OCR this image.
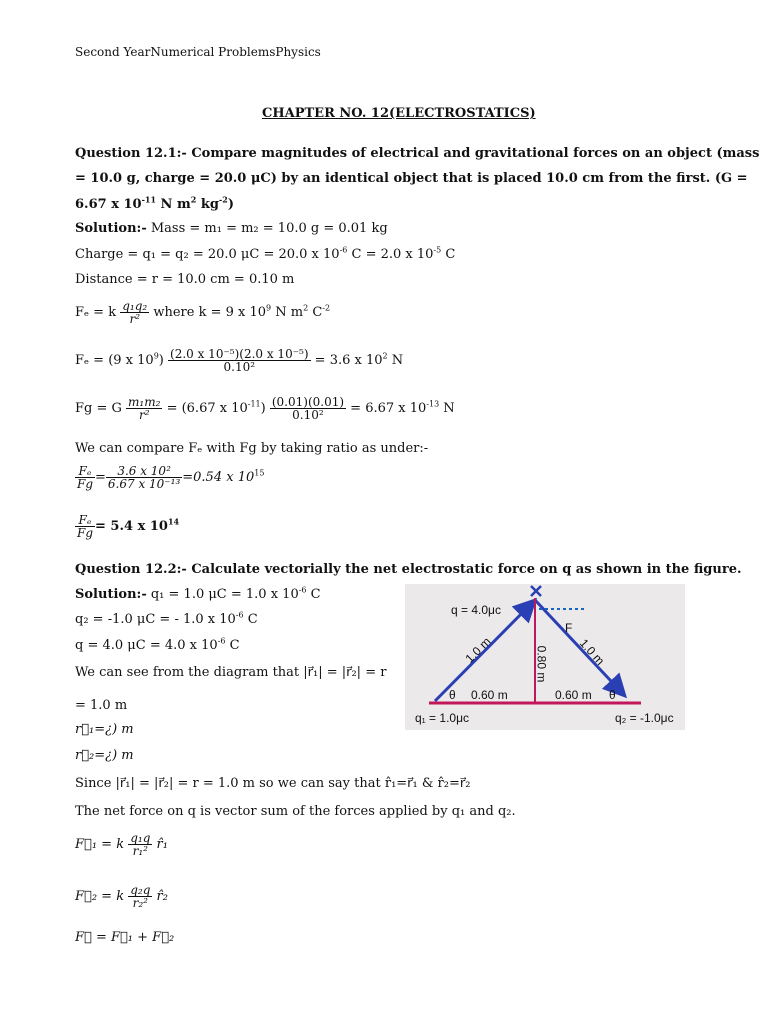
Second YearNumerical ProblemsPhysics
CHAPTER NO. 12(ELECTROSTATICS)
Question 12.1:- Compare magnitudes of electrical and gravitational forces on an object (mass
= 10.0 g, charge = 20.0 μC) by an identical object that is placed 10.0 cm from the first. (G =
6.67 x $10^{-11}$ N $m^2$ $kg^{-2}$)
Solution:- Mass = m₁ = m₂ = 10.0 g = 0.01 kg
Charge = q₁ = q₂ = 20.0 μC = 20.0 x $10^{-6}$ C = 2.0 x $10^{-5}$ C
Distance = r = 10.0 cm = 0.10 m
Fₑ = k $\frac{\text{q₁q₂}}{\text{r²}}$ where k = 9 x $10^9$ N $m^2$ $C^{-2}$
Fₑ = (9 x $10^9) \frac{\text{(2.0 x 10⁻⁵)(2.0 x 10⁻⁵)}}{\text{0.10²}} = 3.6$ x $10^2$ N
Fg = G $\frac{\text{m₁m₂}}{\text{r²}} = (6.67$ x $10^{-11}) \frac{(0.01)(0.01)}{\text{0.10²}} = 6.67$ x $10^{-13}$ N
We can compare Fₑ with Fg by taking ratio as under:-
$\frac{\text{Fₑ}}{Fg} = \frac{\text{3.6 x 10²}}{\text{6.67 x 10⁻¹³}} =0.54$ x $10^{15}$
$\frac{\text{Fₑ}}{Fg} = 5.4$ x $10^{14}$
Question 12.2:- Calculate vectorially the net electrostatic force on q as shown in the figure.
Solution:- q₁ = 1.0 μC = 1.0 x $10^{-6}$ C
q₂ = -1.0 μC = - 1.0 x $10^{-6}$ C
q = 4.0 μC = 4.0 x $10^{-6}$ C
We can see from the diagram that |r⃗₁| = |r⃗₂| = r
= 1.0 m
r⃗₁=¿) m
r⃗₂=¿) m
Since |r⃗₁| = |r⃗₂| = r = 1.0 m so we can say that r̂₁=r⃗₁ & r̂₂=r⃗₂
The net force on q is vector sum of the forces applied by q₁ and q₂.
F⃗₁ = k $\frac{\text{q₁q}}{\text{r₁²}}$ r̂₁
F⃗₂ = k $\frac{\text{q₂q}}{\text{r₂²}}$ r̂₂
F⃗ = F⃗₁ + F⃗₂
q = 4.0μc
F
1.0 m	1.0 m
0.80 m
0.60 m	0.60 m
θ	θ
q₁ = 1.0μc	q₂ = -1.0μc
